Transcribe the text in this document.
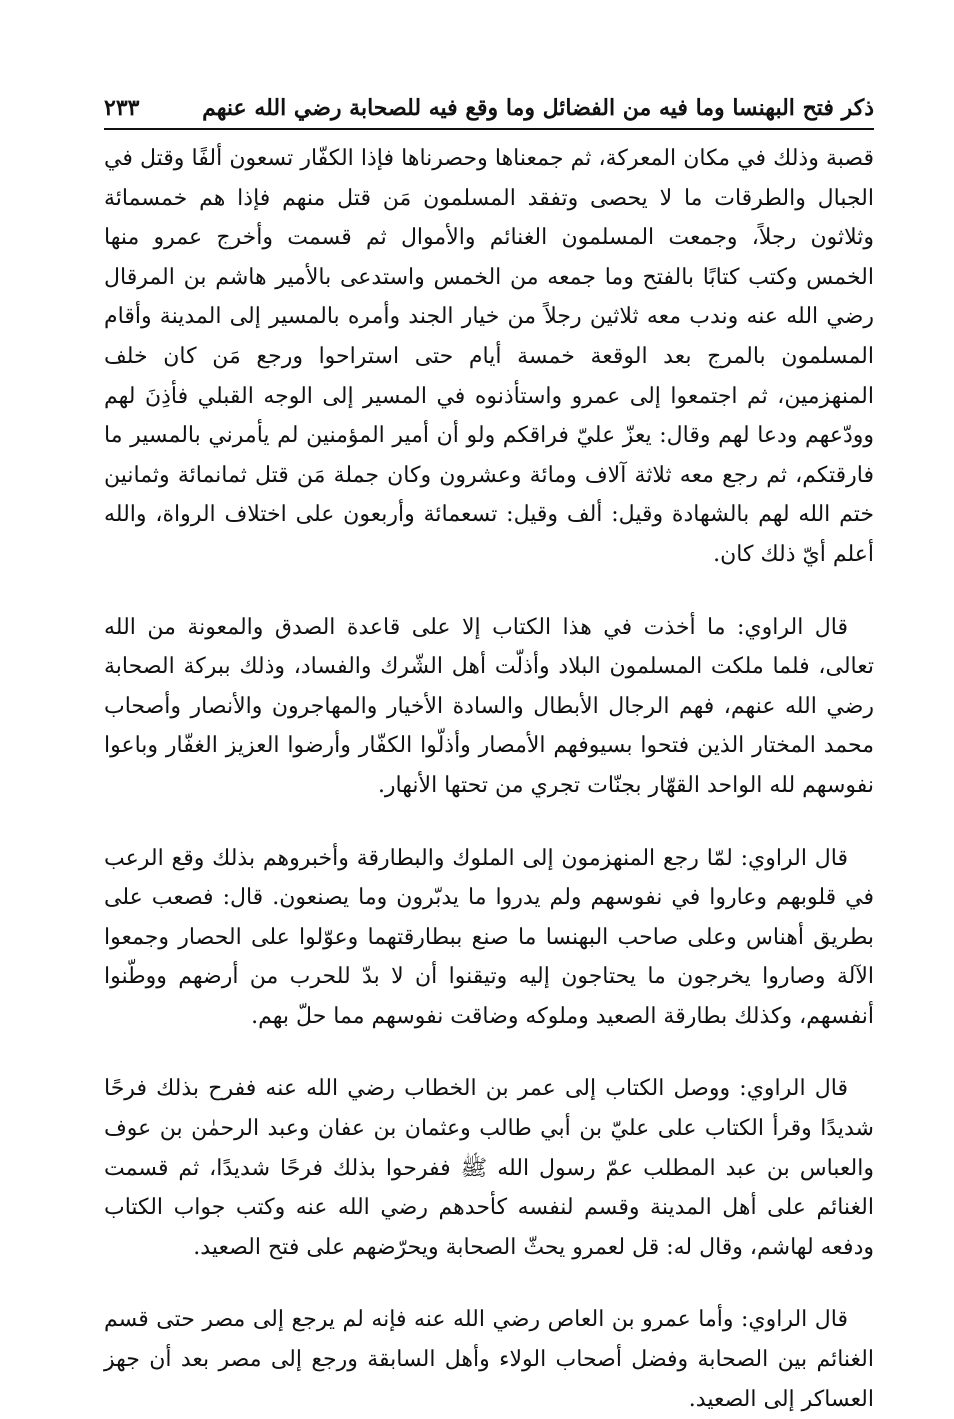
ذكر فتح البهنسا وما فيه من الفضائل وما وقع فيه للصحابة رضي الله عنهم
٢٣٣

قصبة وذلك في مكان المعركة، ثم جمعناها وحصرناها فإذا الكفّار تسعون ألفًا وقتل في الجبال والطرقات ما لا يحصى وتفقد المسلمون مَن قتل منهم فإذا هم خمسمائة وثلاثون رجلاً، وجمعت المسلمون الغنائم والأموال ثم قسمت وأخرج عمرو منها الخمس وكتب كتابًا بالفتح وما جمعه من الخمس واستدعى بالأمير هاشم بن المرقال رضي الله عنه وندب معه ثلاثين رجلاً من خيار الجند وأمره بالمسير إلى المدينة وأقام المسلمون بالمرج بعد الوقعة خمسة أيام حتى استراحوا ورجع مَن كان خلف المنهزمين، ثم اجتمعوا إلى عمرو واستأذنوه في المسير إلى الوجه القبلي فأذِنَ لهم وودّعهم ودعا لهم وقال: يعزّ عليّ فراقكم ولو أن أمير المؤمنين لم يأمرني بالمسير ما فارقتكم، ثم رجع معه ثلاثة آلاف ومائة وعشرون وكان جملة مَن قتل ثمانمائة وثمانين ختم الله لهم بالشهادة وقيل: ألف وقيل: تسعمائة وأربعون على اختلاف الرواة، والله أعلم أيّ ذلك كان.

قال الراوي: ما أخذت في هذا الكتاب إلا على قاعدة الصدق والمعونة من الله تعالى، فلما ملكت المسلمون البلاد وأذلّت أهل الشّرك والفساد، وذلك ببركة الصحابة رضي الله عنهم، فهم الرجال الأبطال والسادة الأخيار والمهاجرون والأنصار وأصحاب محمد المختار الذين فتحوا بسيوفهم الأمصار وأذلّوا الكفّار وأرضوا العزيز الغفّار وباعوا نفوسهم لله الواحد القهّار بجنّات تجري من تحتها الأنهار.

قال الراوي: لمّا رجع المنهزمون إلى الملوك والبطارقة وأخبروهم بذلك وقع الرعب في قلوبهم وعاروا في نفوسهم ولم يدروا ما يدبّرون وما يصنعون. قال: فصعب على بطريق أهناس وعلى صاحب البهنسا ما صنع ببطارقتهما وعوّلوا على الحصار وجمعوا الآلة وصاروا يخرجون ما يحتاجون إليه وتيقنوا أن لا بدّ للحرب من أرضهم ووطّنوا أنفسهم، وكذلك بطارقة الصعيد وملوكه وضاقت نفوسهم مما حلّ بهم.

قال الراوي: ووصل الكتاب إلى عمر بن الخطاب رضي الله عنه ففرح بذلك فرحًا شديدًا وقرأ الكتاب على عليّ بن أبي طالب وعثمان بن عفان وعبد الرحمٰن بن عوف والعباس بن عبد المطلب عمّ رسول الله ﷺ ففرحوا بذلك فرحًا شديدًا، ثم قسمت الغنائم على أهل المدينة وقسم لنفسه كأحدهم رضي الله عنه وكتب جواب الكتاب ودفعه لهاشم، وقال له: قل لعمرو يحثّ الصحابة ويحرّضهم على فتح الصعيد.

قال الراوي: وأما عمرو بن العاص رضي الله عنه فإنه لم يرجع إلى مصر حتى قسم الغنائم بين الصحابة وفضل أصحاب الولاء وأهل السابقة ورجع إلى مصر بعد أن جهز العساكر إلى الصعيد.
